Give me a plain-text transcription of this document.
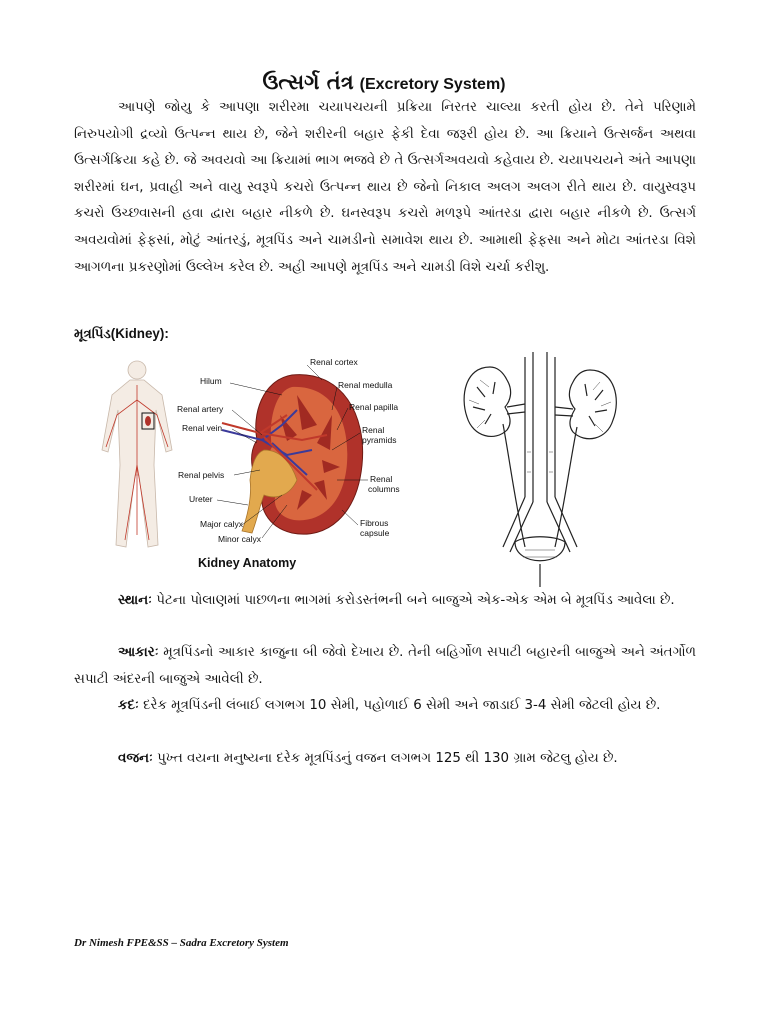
ઉત્સર્ગ તંત્ર (Excretory System)
આપણે જોયુ કે આપણા શરીરમા ચયાપચયની પ્રક્રિયા નિરતર ચાલ્યા કરતી હોય છે. તેને પરિણામે નિરુપયોગી દ્રવ્યો ઉત્પન્ન થાય છે, જેને શરીરની બહાર ફેકી દેવા જરૂરી હોય છે. આ ક્રિયાને ઉત્સર્જન અથવા ઉત્સર્ગક્રિયા કહે છે. જે અવયવો આ ક્રિયામાં ભાગ ભજવે છે તે ઉત્સર્ગઅવયવો કહેવાય છે. ચયાપચયને અંતે આપણા શરીરમાં ઘન, પ્રવાહી અને વાયુ સ્વરૂપે કચરો ઉત્પન્ન થાય છે જેનો નિકાલ અલગ અલગ રીતે થાય છે. વાયુસ્વરૂપ કચરો ઉચ્છવાસની હવા દ્વારા બહાર નીકળે છે. ઘનસ્વરૂપ કચરો મળરૂપે આંતરડા દ્વારા બહાર નીકળે છે. ઉત્સર્ગ અવયવોમાં ફેફસાં, મોટું આંતરડું, મૂત્રપિંડ અને ચામડીનો સમાવેશ થાય છે. આમાથી ફેફસા અને મોટા આંતરડા વિશે આગળના પ્રકરણોમાં ઉલ્લેખ કરેલ છે. અહી આપણે મૂત્રપિંડ અને ચામડી વિશે ચર્ચા કરીશુ.
મૂત્રપિંડ(Kidney):
Hilum
Renal artery
Renal vein
Renal pelvis
Ureter
Major calyx
Minor calyx
Renal cortex
Renal medulla
Renal papilla
Renal
pyramids
Renal
columns
Fibrous
capsule
Kidney Anatomy
સ્થાનઃ પેટના પોલાણમાં પાછળના ભાગમાં કરોડસ્તંભની બને બાજુએ એક-એક એમ બે મૂત્રપિંડ આવેલા છે.
આકારઃ મૂત્રપિંડનો આકાર કાજુના બી જેવો દેખાય છે. તેની બહિર્ગોળ સપાટી બહારની બાજુએ અને અંતર્ગોળ સપાટી અંદરની બાજુએ આવેલી છે.
કદઃ દરેક મૂત્રપિંડની લંબાઈ લગભગ 10 સેમી, પહોળાઈ 6 સેમી અને જાડાઈ 3-4 સેમી જેટલી હોય છે.
વજનઃ પુખ્ત વયના મનુષ્યના દરેક મૂત્રપિંડનું વજન લગભગ 125 થી 130 ગ્રામ જેટલુ હોય છે.
Dr Nimesh FPE&SS – Sadra Excretory System
